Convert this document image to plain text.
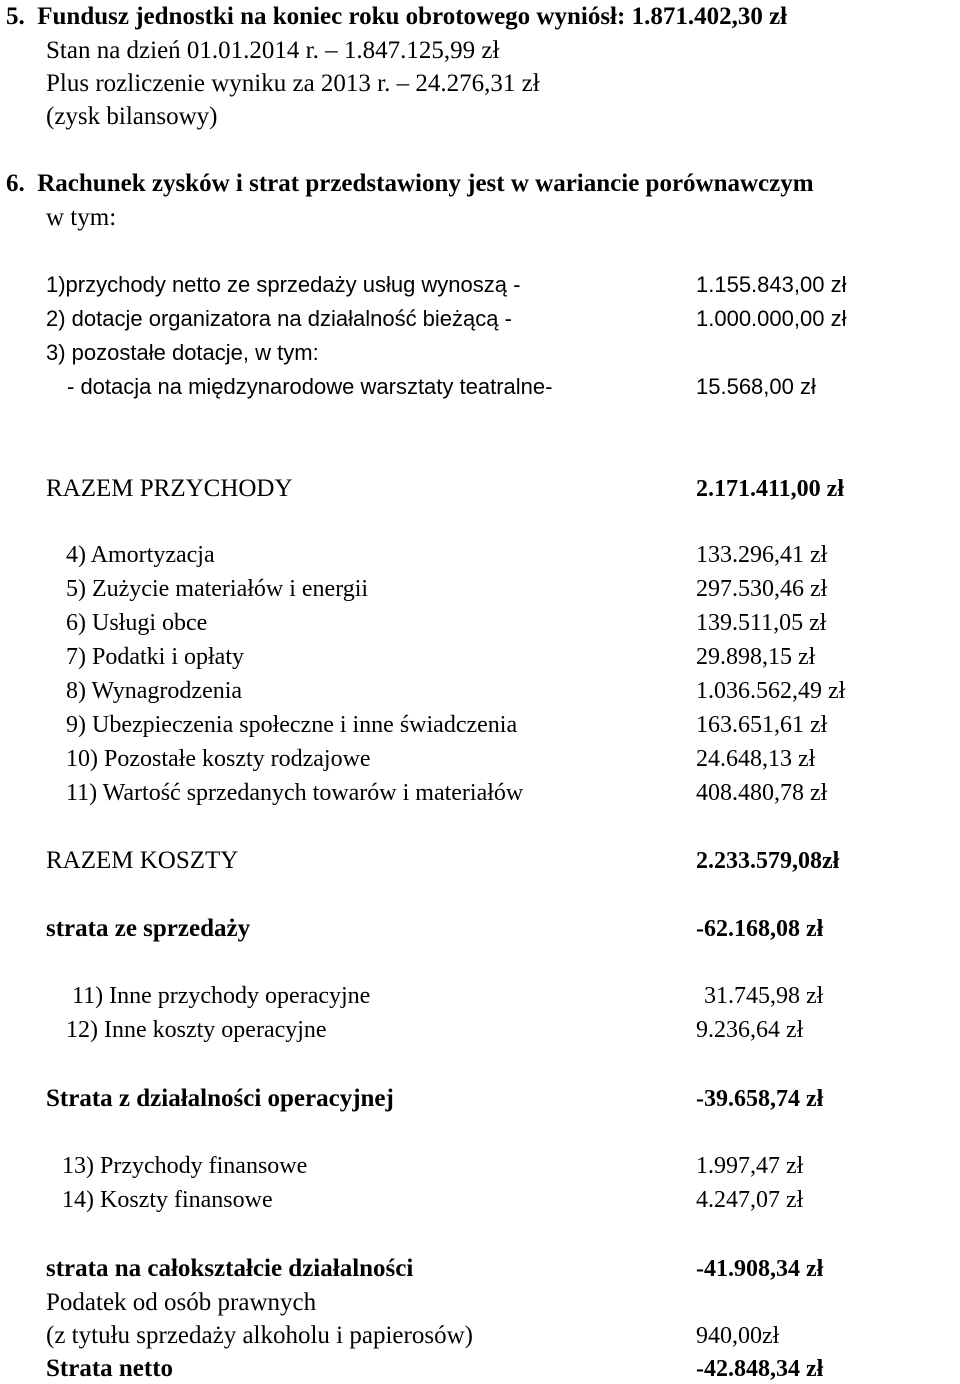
5.  Fundusz jednostki na koniec roku obrotowego wyniósł: 1.871.402,30 zł
Stan na dzień 01.01.2014 r. – 1.847.125,99 zł
Plus rozliczenie wyniku za 2013 r. – 24.276,31 zł
(zysk bilansowy)
6.  Rachunek zysków i strat przedstawiony jest w wariancie porównawczym
w tym:
1)przychody netto ze sprzedaży usług wynoszą -	1.155.843,00 zł
2) dotacje organizatora na działalność bieżącą -	1.000.000,00 zł
3) pozostałe dotacje, w tym:
- dotacja na międzynarodowe warsztaty teatralne-	15.568,00 zł
RAZEM PRZYCHODY	2.171.411,00 zł
4) Amortyzacja	133.296,41 zł
5) Zużycie materiałów i energii	297.530,46 zł
6) Usługi obce	139.511,05 zł
7) Podatki i opłaty	29.898,15 zł
8) Wynagrodzenia	1.036.562,49 zł
9) Ubezpieczenia społeczne i inne świadczenia	163.651,61 zł
10) Pozostałe koszty rodzajowe	24.648,13 zł
11) Wartość sprzedanych towarów i materiałów	408.480,78 zł
RAZEM KOSZTY	2.233.579,08zł
strata ze sprzedaży	-62.168,08 zł
11) Inne przychody operacyjne	31.745,98 zł
12) Inne koszty operacyjne	9.236,64 zł
Strata z działalności operacyjnej	-39.658,74 zł
13) Przychody finansowe	1.997,47 zł
14) Koszty finansowe	4.247,07 zł
strata na całokształcie działalności	-41.908,34 zł
Podatek od osób prawnych
(z tytułu sprzedaży alkoholu i papierosów)	940,00zł
Strata netto	-42.848,34 zł
